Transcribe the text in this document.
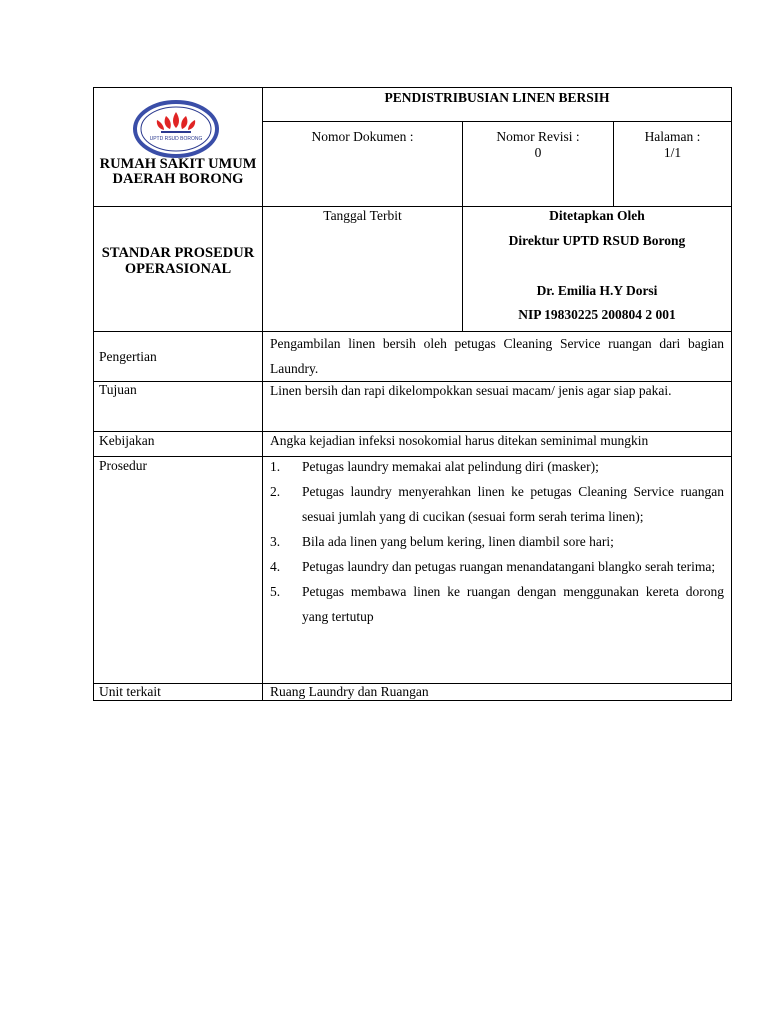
UPTD RSUD BORONG
RUMAH SAKIT UMUM DAERAH BORONG
PENDISTRIBUSIAN LINEN BERSIH
Nomor Dokumen :	Nomor Revisi :
0
Halaman :
1/1
STANDAR PROSEDUR OPERASIONAL
Tanggal Terbit	Ditetapkan Oleh
Direktur UPTD RSUD Borong
Dr. Emilia H.Y Dorsi
NIP 19830225 200804 2 001
Pengertian
Pengambilan linen bersih oleh petugas Cleaning Service ruangan dari bagian Laundry.
Tujuan	Linen bersih dan rapi dikelompokkan sesuai macam/ jenis agar siap pakai.
Kebijakan	Angka kejadian infeksi nosokomial harus ditekan seminimal mungkin
Prosedur	1. Petugas laundry memakai alat pelindung diri (masker);
2. Petugas laundry menyerahkan linen ke petugas Cleaning Service ruangan sesuai jumlah yang di cucikan (sesuai form serah terima linen);
3. Bila ada linen yang belum kering, linen diambil sore hari;
4. Petugas laundry dan petugas ruangan menandatangani blangko serah terima;
5. Petugas membawa linen ke ruangan dengan menggunakan kereta dorong yang tertutup
Unit terkait	Ruang Laundry dan Ruangan
